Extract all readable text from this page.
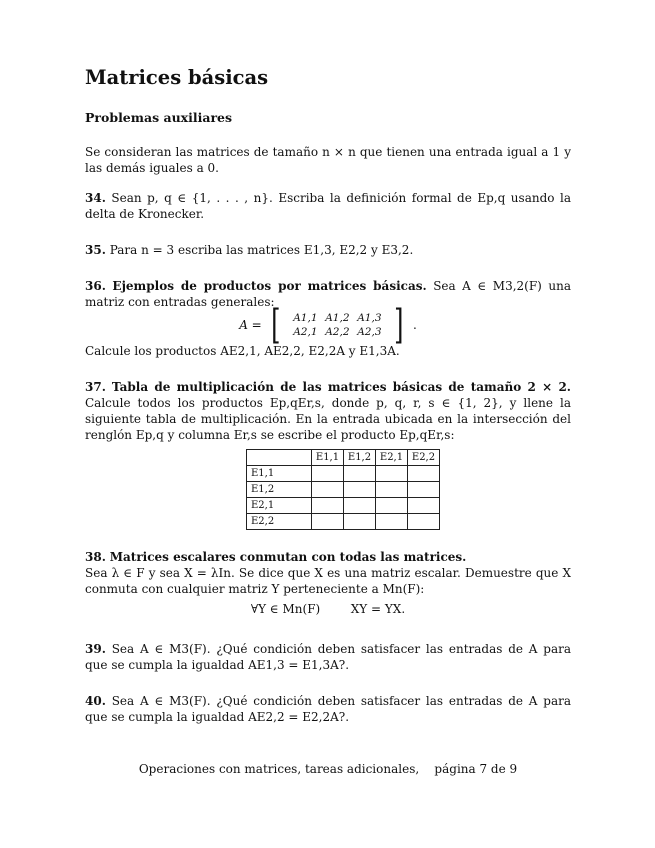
Matrices básicas
Problemas auxiliares

Se consideran las matrices de tamaño n × n que tienen una entrada igual a 1 y las demás iguales a 0.

34. Sean p, q ∈ {1, . . . , n}. Escriba la definición formal de Ep,q usando la delta de Kronecker.

35. Para n = 3 escriba las matrices E1,3, E2,2 y E3,2.

36. Ejemplos de productos por matrices básicas. Sea A ∈ M3,2(F) una matriz con entradas generales:

A = [	A1,1 A1,2 A1,3
A2,1 A2,2 A2,3 ] .

Calcule los productos AE2,1, AE2,2, E2,2A y E1,3A.

37. Tabla de multiplicación de las matrices básicas de tamaño 2 × 2. Calcule todos los productos Ep,qEr,s, donde p, q, r, s ∈ {1, 2}, y llene la siguiente tabla de multiplicación. En la entrada ubicada en la intersección del renglón Ep,q y columna Er,s se escribe el producto Ep,qEr,s:

	E1,1	E1,2	E2,1	E2,2
E1,1				
E1,2				
E2,1				
E2,2				

38. Matrices escalares conmutan con todas las matrices.
Sea λ ∈ F y sea X = λIn. Se dice que X es una matriz escalar. Demuestre que X conmuta con cualquier matriz Y perteneciente a Mn(F):

∀Y ∈ Mn(F)        XY = YX.

39. Sea A ∈ M3(F). ¿Qué condición deben satisfacer las entradas de A para que se cumpla la igualdad AE1,3 = E1,3A?.

40. Sea A ∈ M3(F). ¿Qué condición deben satisfacer las entradas de A para que se cumpla la igualdad AE2,2 = E2,2A?.

Operaciones con matrices, tareas adicionales,    página 7 de 9
